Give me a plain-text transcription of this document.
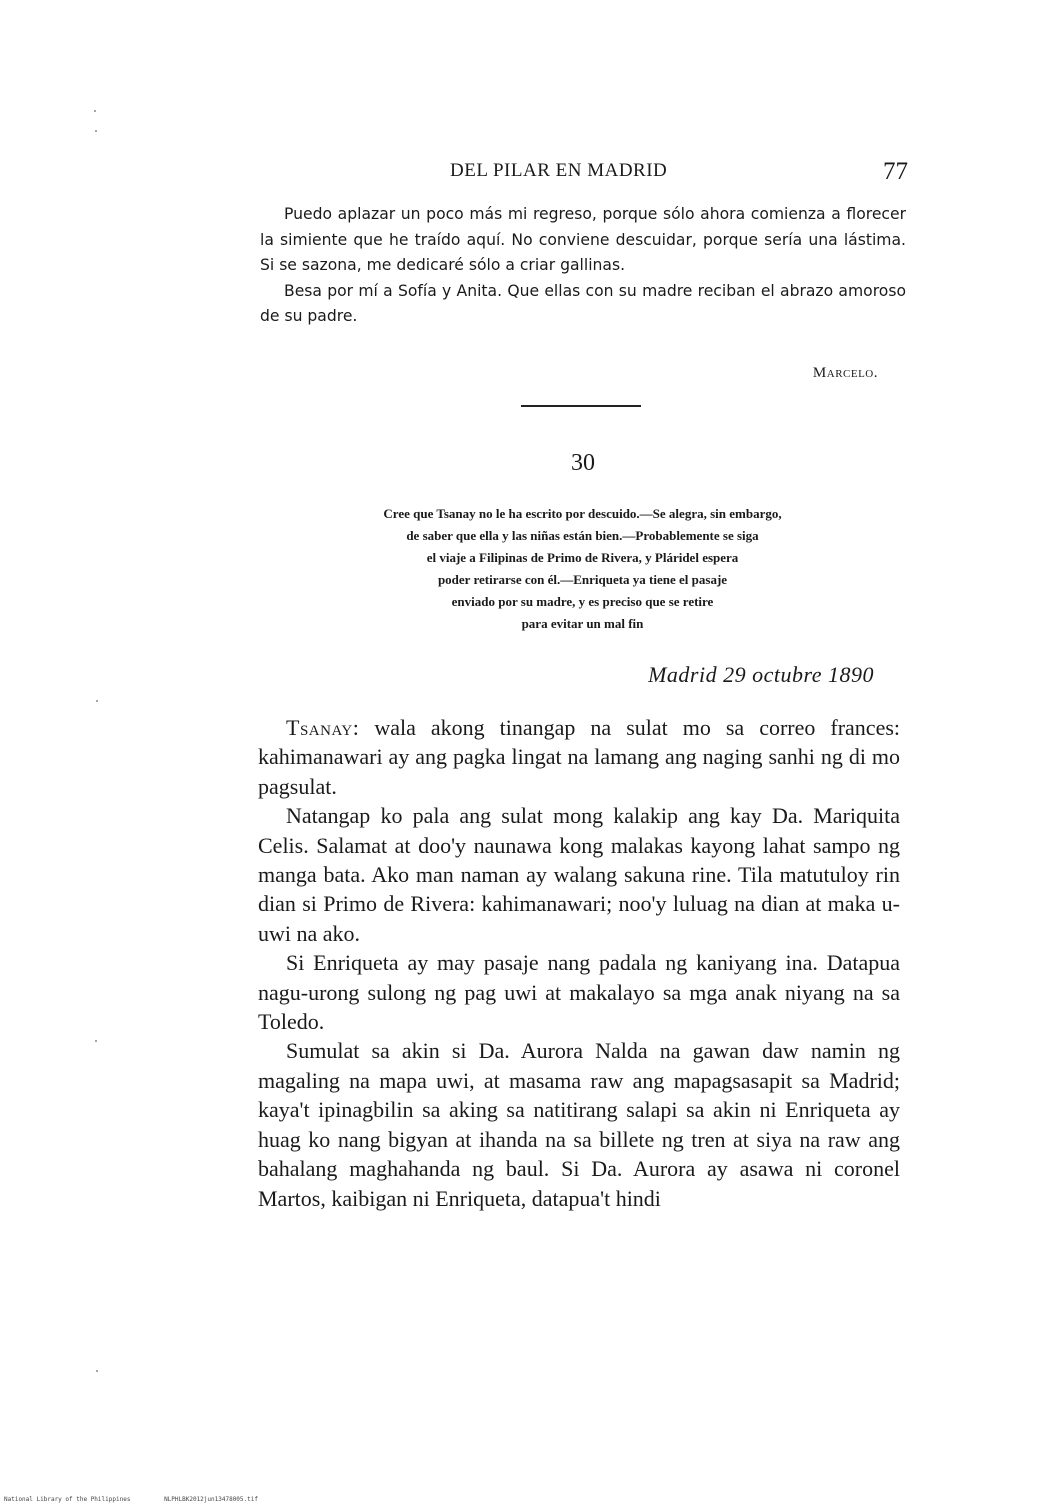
DEL PILAR EN MADRID	77

Puedo aplazar un poco más mi regreso, porque sólo ahora comienza a florecer la simiente que he traído aquí. No conviene descuidar, porque sería una lástima. Si se sazona, me dedicaré sólo a criar gallinas.

Besa por mí a Sofía y Anita. Que ellas con su madre reciban el abrazo amoroso de su padre.

Marcelo.
30
Cree que Tsanay no le ha escrito por descuido.—Se alegra, sin embargo,
de saber que ella y las niñas están bien.—Probablemente se siga
el viaje a Filipinas de Primo de Rivera, y Pláridel espera
poder retirarse con él.—Enriqueta ya tiene el pasaje
enviado por su madre, y es preciso que se retire
para evitar un mal fin
Madrid 29 octubre 1890

Tsanay: wala akong tinangap na sulat mo sa correo frances: kahimanawari ay ang pagka lingat na lamang ang naging sanhi ng di mo pagsulat.

Natangap ko pala ang sulat mong kalakip ang kay Da. Mariquita Celis. Salamat at doo'y naunawa kong malakas kayong lahat sampo ng manga bata. Ako man naman ay walang sakuna rine. Tila matutuloy rin dian si Primo de Rivera: kahimanawari; noo'y luluag na dian at maka u-uwi na ako.

Si Enriqueta ay may pasaje nang padala ng kaniyang ina. Datapua nagu-urong sulong ng pag uwi at makalayo sa mga anak niyang na sa Toledo.

Sumulat sa akin si Da. Aurora Nalda na gawan daw namin ng magaling na mapa uwi, at masama raw ang mapagsasapit sa Madrid; kaya't ipinagbilin sa aking sa natitirang salapi sa akin ni Enriqueta ay huag ko nang bigyan at ihanda na sa billete ng tren at siya na raw ang bahalang maghahanda ng baul. Si Da. Aurora ay asawa ni coronel Martos, kaibigan ni Enriqueta, datapua't hindi

National Library of the Philippines	NLPHLBK2012jun13478005.tif
